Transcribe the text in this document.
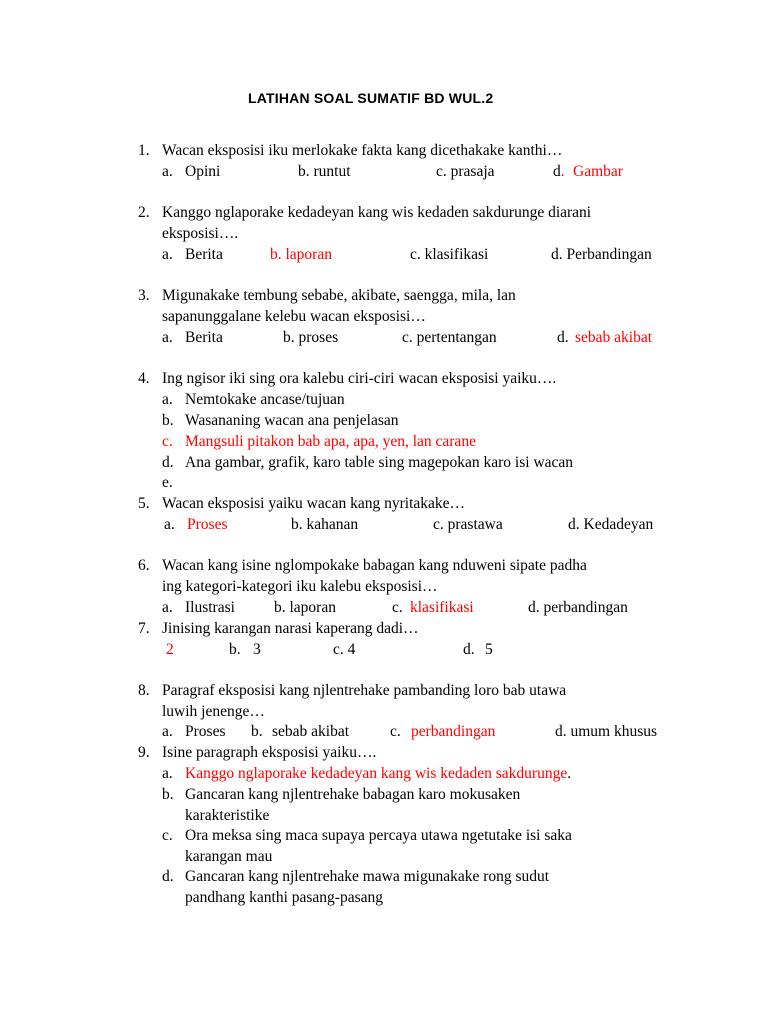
LATIHAN SOAL SUMATIF BD WUL.2
1. Wacan eksposisi iku merlokake fakta kang dicethakake kanthi…
a. Opini	b. runtut	c. prasaja	d. Gambar
2. Kanggo nglaporake kedadeyan kang wis kedaden sakdurunge diarani
eksposisi….
a. Berita	b. laporan	c. klasifikasi	d. Perbandingan
3. Migunakake tembung sebabe, akibate, saengga, mila, lan
sapanunggalane kelebu wacan eksposisi…
a. Berita	b. proses	c. pertentangan	d. sebab akibat
4. Ing ngisor iki sing ora kalebu ciri-ciri wacan eksposisi yaiku….
a. Nemtokake ancase/tujuan
b. Wasananing wacan ana penjelasan
c. Mangsuli pitakon bab apa, apa, yen, lan carane
d. Ana gambar, grafik, karo table sing magepokan karo isi wacan
e.
5. Wacan eksposisi yaiku wacan kang nyritakake…
a. Proses	b. kahanan	c. prastawa	d. Kedadeyan
6. Wacan kang isine nglompokake babagan kang nduweni sipate padha
ing kategori-kategori iku kalebu eksposisi…
a. Ilustrasi	b. laporan	c. klasifikasi	d. perbandingan
7. Jinising karangan narasi kaperang dadi…
2	b. 3	c. 4	d. 5
8. Paragraf eksposisi kang njlentrehake pambanding loro bab utawa
luwih jenenge…
a. Proses b. sebab akibat	c. perbandingan	d. umum khusus
9. Isine paragraph eksposisi yaiku….
a. Kanggo nglaporake kedadeyan kang wis kedaden sakdurunge.
b. Gancaran kang njlentrehake babagan karo mokusaken
karakteristike
c. Ora meksa sing maca supaya percaya utawa ngetutake isi saka
karangan mau
d. Gancaran kang njlentrehake mawa migunakake rong sudut
pandhang kanthi pasang-pasang
